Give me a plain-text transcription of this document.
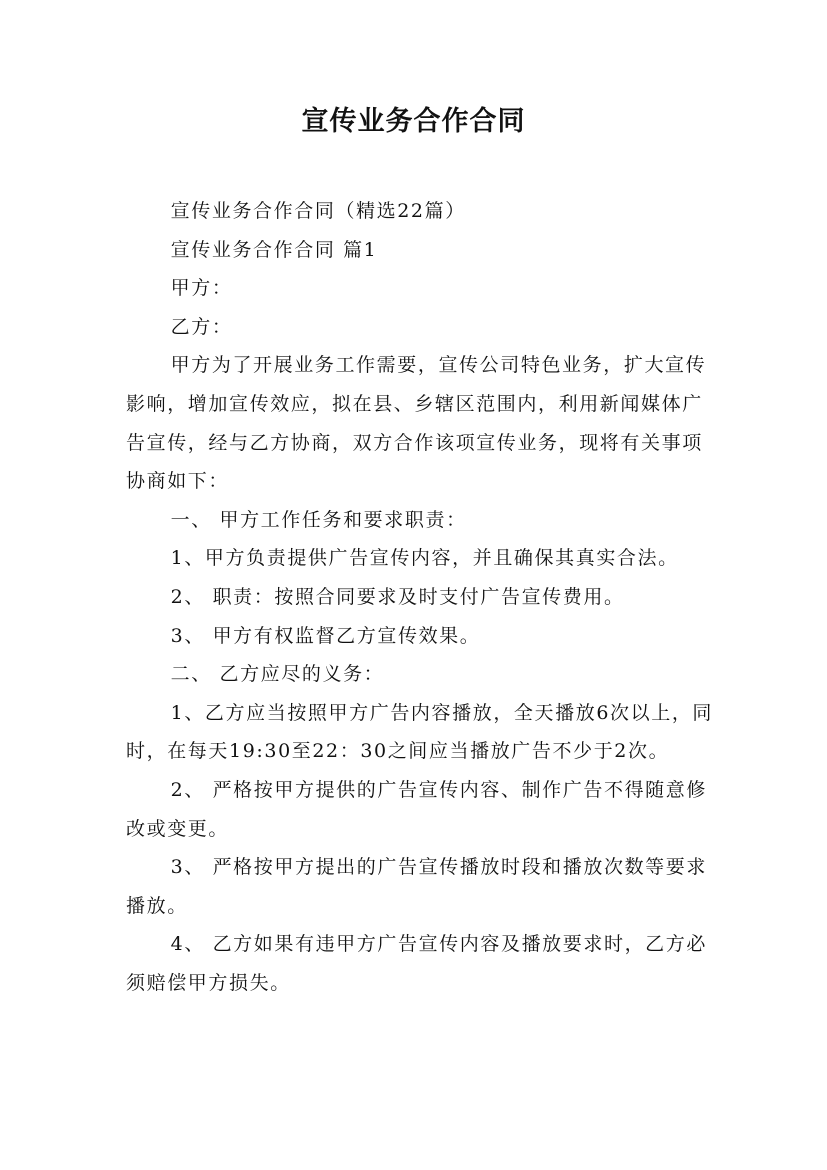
宣传业务合作合同

宣传业务合作合同（精选22篇）

宣传业务合作合同 篇1

甲方：

乙方：

甲方为了开展业务工作需要，宣传公司特色业务，扩大宣传影响，增加宣传效应，拟在县、乡辖区范围内，利用新闻媒体广告宣传，经与乙方协商，双方合作该项宣传业务，现将有关事项协商如下：

一、 甲方工作任务和要求职责：

1、甲方负责提供广告宣传内容，并且确保其真实合法。

2、 职责：按照合同要求及时支付广告宣传费用。

3、 甲方有权监督乙方宣传效果。

二、 乙方应尽的义务：

1、乙方应当按照甲方广告内容播放，全天播放6次以上，同时，在每天19:30至22：30之间应当播放广告不少于2次。

2、 严格按甲方提供的广告宣传内容、制作广告不得随意修改或变更。

3、 严格按甲方提出的广告宣传播放时段和播放次数等要求播放。

4、 乙方如果有违甲方广告宣传内容及播放要求时，乙方必须赔偿甲方损失。
